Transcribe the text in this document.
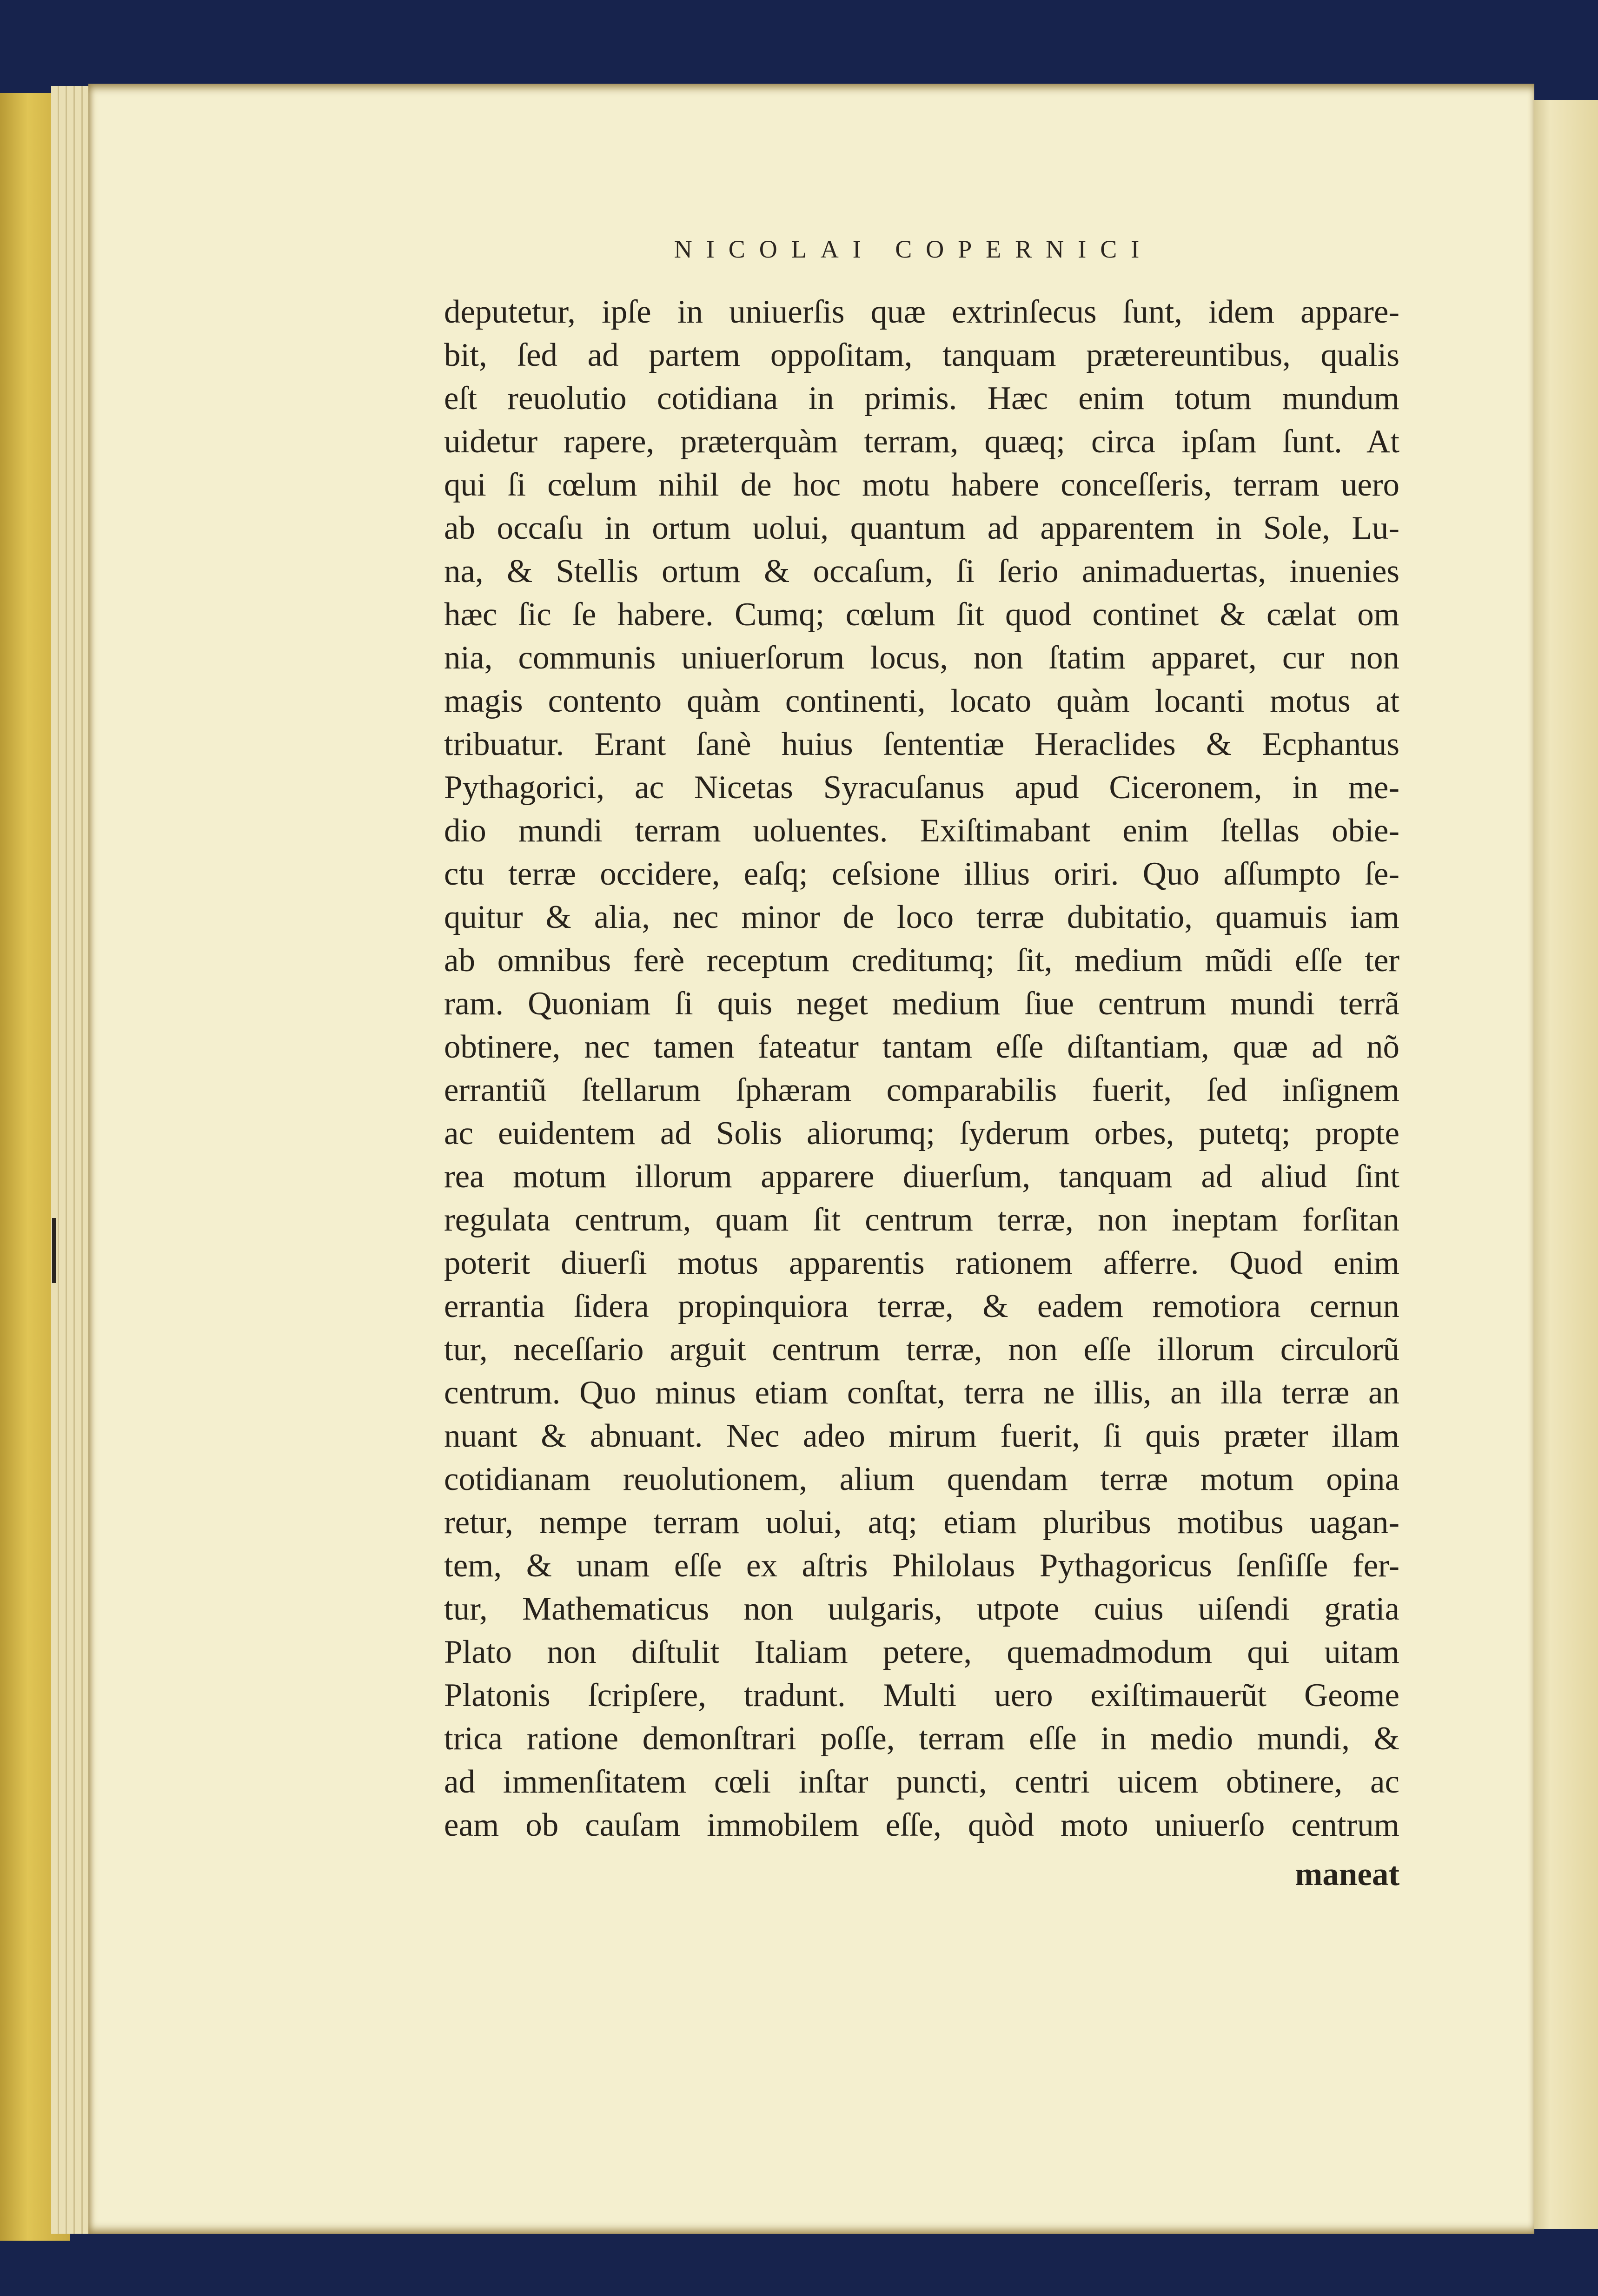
NICOLAI COPERNICI
deputetur, ipſe in uniuerſis quæ extrinſecus ſunt, idem appare-
bit, ſed ad partem oppoſitam, tanquam prætereuntibus, qualis
eſt reuolutio cotidiana in primis. Hæc enim totum mundum
uidetur rapere, præterquàm terram, quæq; circa ipſam ſunt. At
qui ſi cœlum nihil de hoc motu habere conceſſeris, terram uero
ab occaſu in ortum uolui, quantum ad apparentem in Sole, Lu-
na, & Stellis ortum & occaſum, ſi ſerio animaduertas, inuenies
hæc ſic ſe habere. Cumq; cœlum ſit quod continet & cælat om
nia, communis uniuerſorum locus, non ſtatim apparet, cur non
magis contento quàm continenti, locato quàm locanti motus at
tribuatur. Erant ſanè huius ſententiæ Heraclides & Ecphantus
Pythagorici, ac Nicetas Syracuſanus apud Ciceronem, in me-
dio mundi terram uoluentes. Exiſtimabant enim ſtellas obie-
ctu terræ occidere, eaſq; ceſsione illius oriri. Quo aſſumpto ſe-
quitur & alia, nec minor de loco terræ dubitatio, quamuis iam
ab omnibus ferè receptum creditumq; ſit, medium mũdi eſſe ter
ram. Quoniam ſi quis neget medium ſiue centrum mundi terrã
obtinere, nec tamen fateatur tantam eſſe diſtantiam, quæ ad nõ
errantiũ ſtellarum ſphæram comparabilis fuerit, ſed inſignem
ac euidentem ad Solis aliorumq; ſyderum orbes, putetq; propte
rea motum illorum apparere diuerſum, tanquam ad aliud ſint
regulata centrum, quam ſit centrum terræ, non ineptam forſitan
poterit diuerſi motus apparentis rationem afferre. Quod enim
errantia ſidera propinquiora terræ, & eadem remotiora cernun
tur, neceſſario arguit centrum terræ, non eſſe illorum circulorũ
centrum. Quo minus etiam conſtat, terra ne illis, an illa terræ an
nuant & abnuant. Nec adeo mirum fuerit, ſi quis præter illam
cotidianam reuolutionem, alium quendam terræ motum opina
retur, nempe terram uolui, atq; etiam pluribus motibus uagan-
tem, & unam eſſe ex aſtris Philolaus Pythagoricus ſenſiſſe fer-
tur, Mathematicus non uulgaris, utpote cuius uiſendi gratia
Plato non diſtulit Italiam petere, quemadmodum qui uitam
Platonis ſcripſere, tradunt. Multi uero exiſtimauerũt Geome
trica ratione demonſtrari poſſe, terram eſſe in medio mundi, &
ad immenſitatem cœli inſtar puncti, centri uicem obtinere, ac
eam ob cauſam immobilem eſſe, quòd moto uniuerſo centrum
maneat
